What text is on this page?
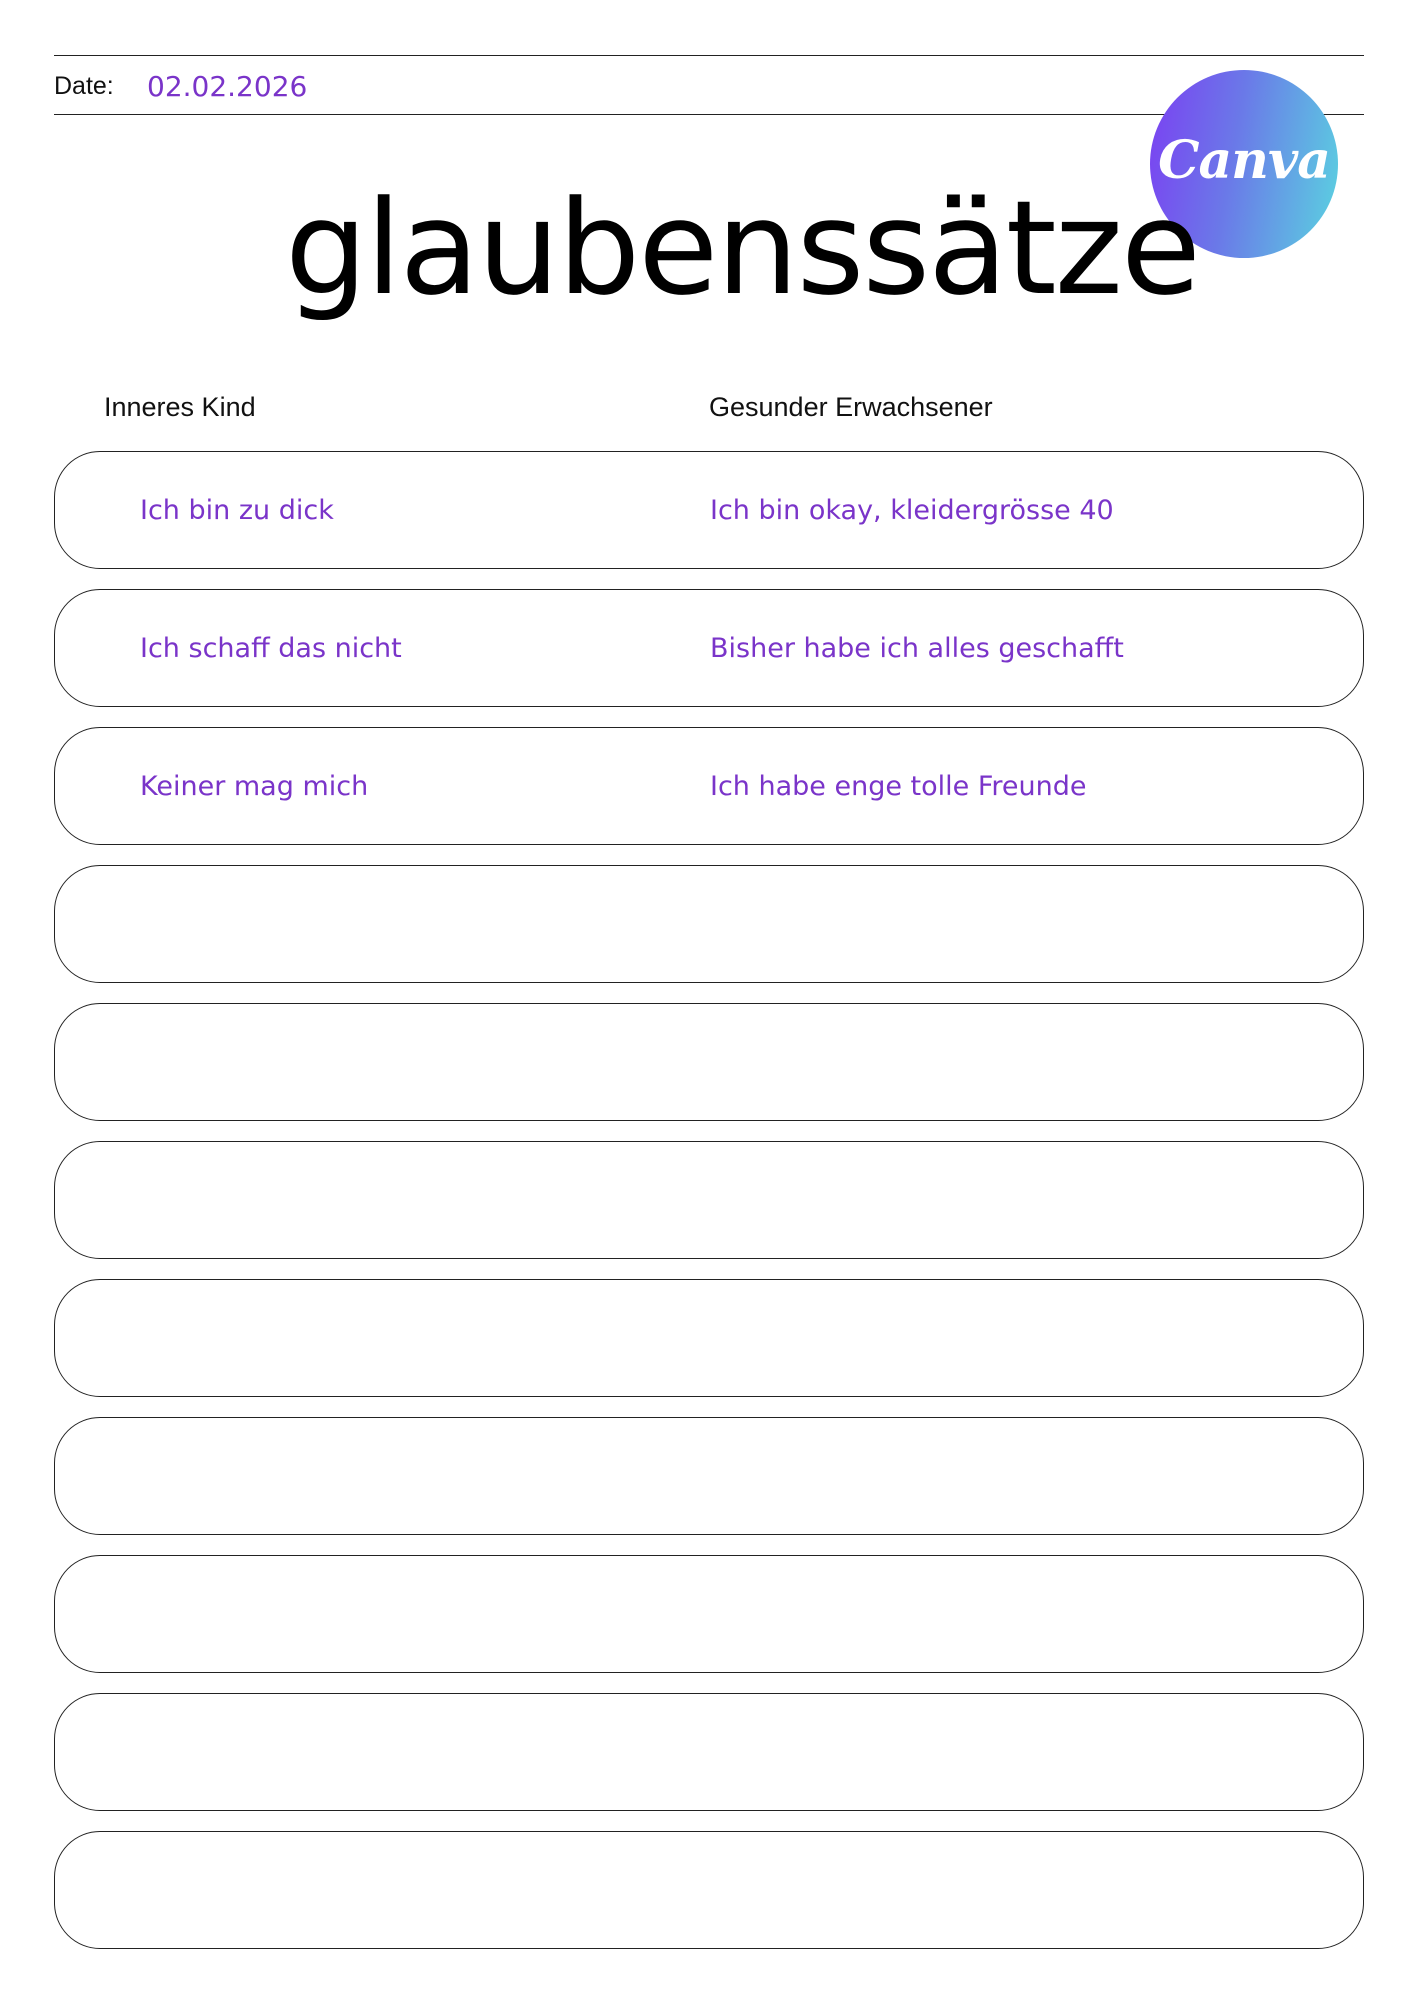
Date: 02.02.2026
Canva
glaubenssätze
Inneres Kind	Gesunder Erwachsener
Ich bin zu dick	Ich bin okay, kleidergrösse 40
Ich schaff das nicht	Bisher habe ich alles geschafft
Keiner mag mich	Ich habe enge tolle Freunde
